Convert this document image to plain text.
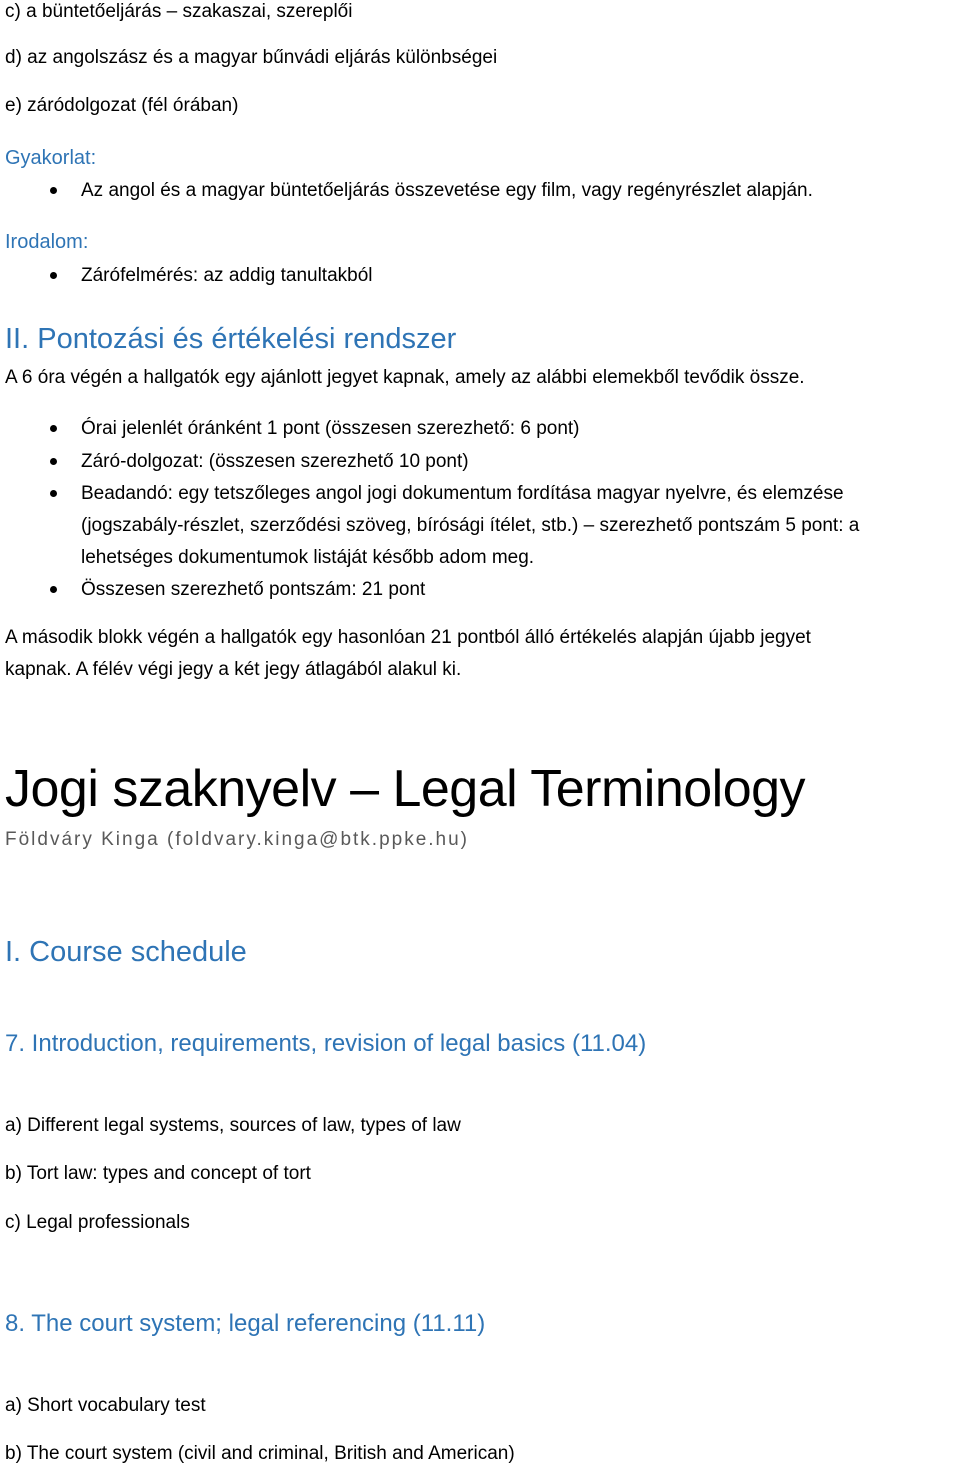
c) a büntetőeljárás – szakaszai, szereplői
d) az angolszász és a magyar bűnvádi eljárás különbségei
e) záródolgozat (fél órában)
Gyakorlat:
Az angol és a magyar büntetőeljárás összevetése egy film, vagy regényrészlet alapján.
Irodalom:
Zárófelmérés: az addig tanultakból
II. Pontozási és értékelési rendszer
A 6 óra végén a hallgatók egy ajánlott jegyet kapnak, amely az alábbi elemekből tevődik össze.
Órai jelenlét óránként 1 pont (összesen szerezhető: 6 pont)
Záró-dolgozat: (összesen szerezhető 10 pont)
Beadandó: egy tetszőleges angol jogi dokumentum fordítása magyar nyelvre, és elemzése
(jogszabály-részlet, szerződési szöveg, bírósági ítélet, stb.) – szerezhető pontszám 5 pont: a
lehetséges dokumentumok listáját később adom meg.
Összesen szerezhető pontszám: 21 pont
A második blokk végén a hallgatók egy hasonlóan 21 pontból álló értékelés alapján újabb jegyet
kapnak. A félév végi jegy a két jegy átlagából alakul ki.
Jogi szaknyelv – Legal Terminology
Földváry Kinga (foldvary.kinga@btk.ppke.hu)
I. Course schedule
7. Introduction, requirements, revision of legal basics (11.04)
a) Different legal systems, sources of law, types of law
b) Tort law: types and concept of tort
c) Legal professionals
8. The court system; legal referencing (11.11)
a) Short vocabulary test
b) The court system (civil and criminal, British and American)
